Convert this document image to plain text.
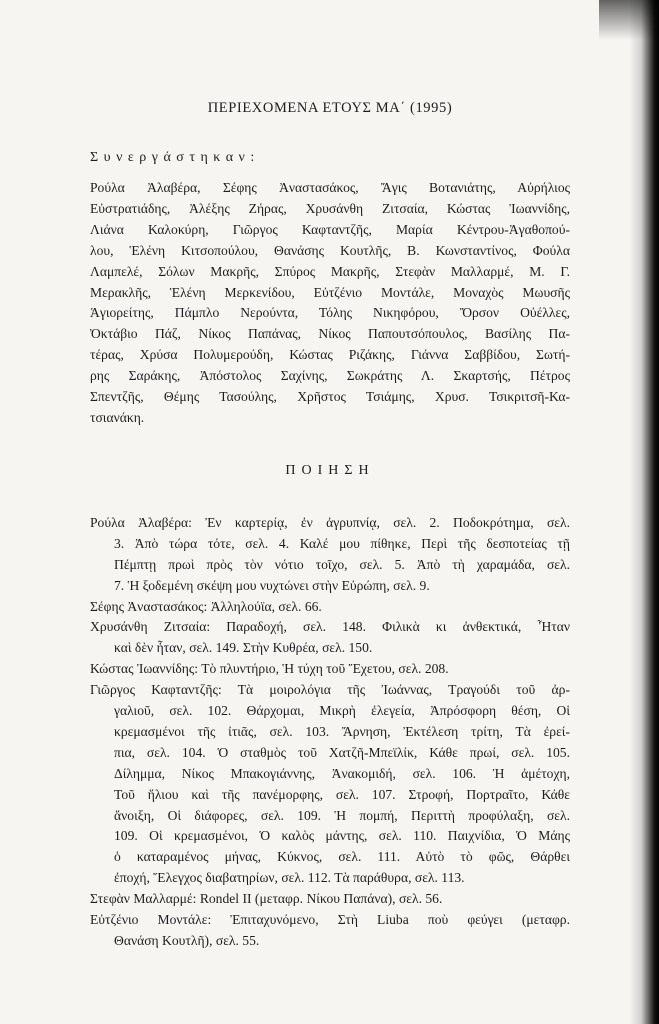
ΠΕΡΙΕΧΟΜΕΝΑ ΕΤΟΥΣ ΜΑ΄ (1995)
Συνεργάστηκαν:
Ρούλα Ἀλαβέρα, Σέφης Ἀναστασάκος, Ἄγις Βοτανιάτης, Αὐρήλιος
Εὐστρατιάδης, Ἀλέξης Ζήρας, Χρυσάνθη Ζιτσαία, Κώστας Ἰωαννίδης,
Λιάνα Καλοκύρη, Γιῶργος Καφταντζῆς, Μαρία Κέντρου-Ἀγαθοπού-
λου, Ἑλένη Κιτσοπούλου, Θανάσης Κουτλῆς, Β. Κωνσταντίνος, Φούλα
Λαμπελέ, Σόλων Μακρῆς, Σπύρος Μακρῆς, Στεφὰν Μαλλαρμέ, Μ. Γ.
Μερακλῆς, Ἑλένη Μερκενίδου, Εὐτζένιο Μοντάλε, Μοναχὸς Μωυσῆς
Ἁγιορείτης, Πάμπλο Νερούντα, Τόλης Νικηφόρου, Ὄρσον Οὐέλλες,
Ὀκτάβιο Πάζ, Νίκος Παπάνας, Νίκος Παπουτσόπουλος, Βασίλης Πα-
τέρας, Χρύσα Πολυμερούδη, Κώστας Ριζάκης, Γιάννα Σαββίδου, Σωτή-
ρης Σαράκης, Ἀπόστολος Σαχίνης, Σωκράτης Λ. Σκαρτσής, Πέτρος
Σπεντζῆς, Θέμης Τασούλης, Χρῆστος Τσιάμης, Χρυσ. Τσικριτσῆ-Κα-
τσιανάκη.
ΠΟΙΗΣΗ

Ρούλα Ἀλαβέρα: Ἐν καρτερίᾳ, ἐν ἀγρυπνίᾳ, σελ. 2. Ποδοκρότημα, σελ.
3. Ἀπὸ τώρα τότε, σελ. 4. Καλέ μου πίθηκε, Περὶ τῆς δεσποτείας τῇ
Πέμπτῃ πρωὶ πρὸς τὸν νότιο τοῖχο, σελ. 5. Ἀπὸ τὴ χαραμάδα, σελ.
7. Ἡ ξοδεμένη σκέψη μου νυχτώνει στὴν Εὐρώπη, σελ. 9.

Σέφης Ἀναστασάκος: Ἀλληλούϊα, σελ. 66.

Χρυσάνθη Ζιτσαία: Παραδοχή, σελ. 148. Φιλικὰ κι ἀνθεκτικά, Ἦταν
καὶ δὲν ἦταν, σελ. 149. Στὴν Κυθρέα, σελ. 150.

Κώστας Ἰωαννίδης: Τὸ πλυντήριο, Ἡ τύχη τοῦ Ἔχετου, σελ. 208.

Γιῶργος Καφταντζῆς: Τὰ μοιρολόγια τῆς Ἰωάννας, Τραγούδι τοῦ ἀρ-
γαλιοῦ, σελ. 102. Θάρχομαι, Μικρὴ ἐλεγεία, Ἀπρόσφορη θέση, Οἱ
κρεμασμένοι τῆς ἰτιᾶς, σελ. 103. Ἄρνηση, Ἐκτέλεση τρίτη, Τὰ ἐρεί-
πια, σελ. 104. Ὁ σταθμὸς τοῦ Χατζῆ-Μπεϊλίκ, Κάθε πρωί, σελ. 105.
Δίλημμα, Νίκος Μπακογιάννης, Ἀνακομιδή, σελ. 106. Ἡ ἀμέτοχη,
Τοῦ ἥλιου καὶ τῆς πανέμορφης, σελ. 107. Στροφή, Πορτραῖτο, Κάθε
ἄνοιξη, Οἱ διάφορες, σελ. 109. Ἡ πομπή, Περιττὴ προφύλαξη, σελ.
109. Οἱ κρεμασμένοι, Ὁ καλὸς μάντης, σελ. 110. Παιχνίδια, Ὁ Μάης
ὁ καταραμένος μήνας, Κύκνος, σελ. 111. Αὐτὸ τὸ φῶς, Θάρθει
ἐποχή, Ἔλεγχος διαβατηρίων, σελ. 112. Τὰ παράθυρα, σελ. 113.

Στεφὰν Μαλλαρμέ: Rondel II (μεταφρ. Νίκου Παπάνα), σελ. 56.

Εὐτζένιο Μοντάλε: Ἐπιταχυνόμενο, Στὴ Liuba ποὺ φεύγει (μεταφρ.
Θανάση Κουτλῆ), σελ. 55.
